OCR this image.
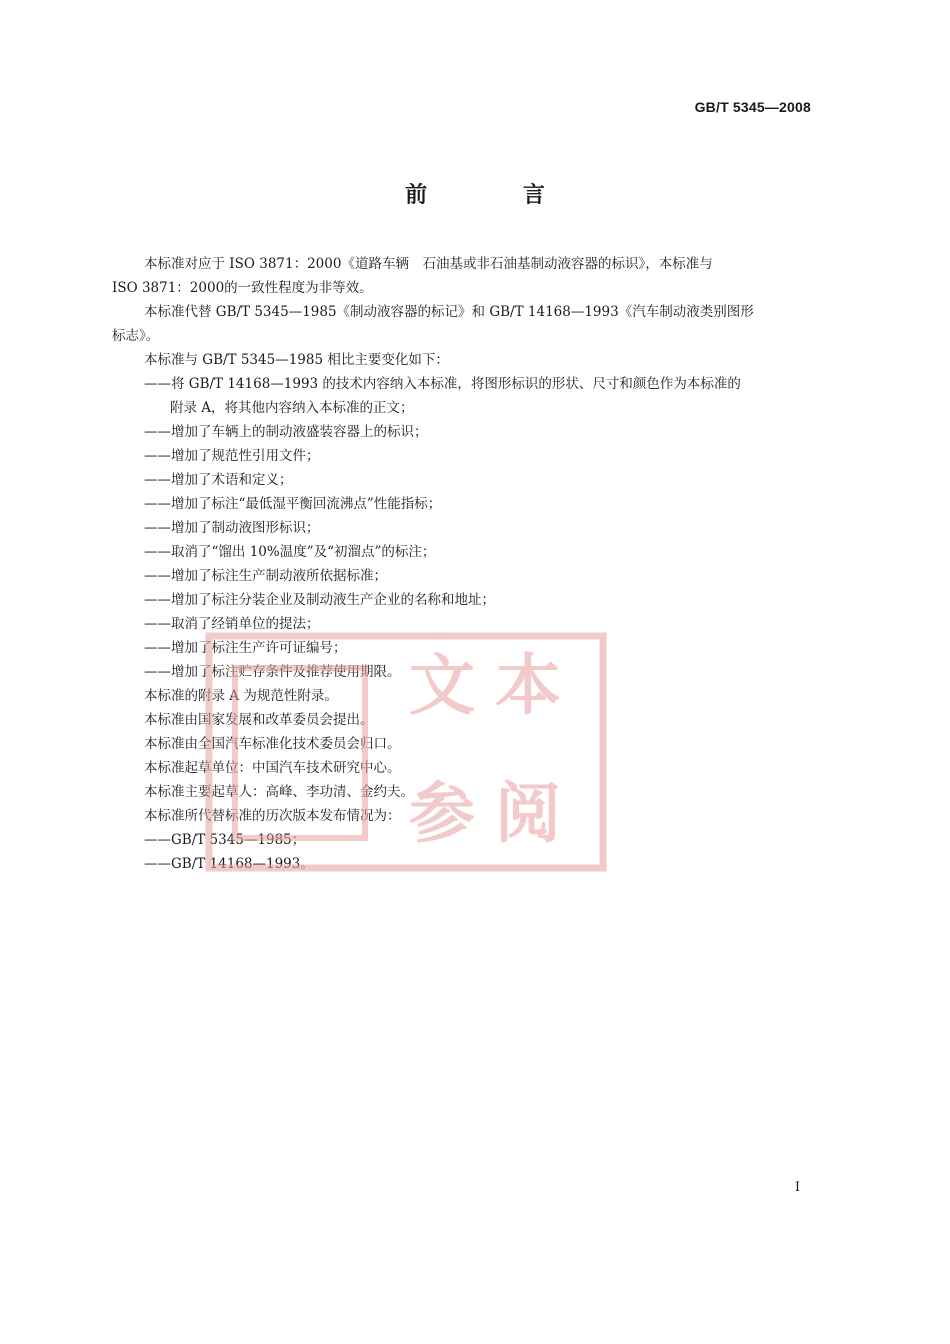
GB/T 5345—2008
前 言

本标准对应于 ISO 3871：2000《道路车辆　石油基或非石油基制动液容器的标识》，本标准与

ISO 3871：2000的一致性程度为非等效。

本标准代替 GB/T 5345—1985《制动液容器的标记》和 GB/T 14168—1993《汽车制动液类别图形

标志》。

本标准与 GB/T 5345—1985 相比主要变化如下：

——将 GB/T 14168—1993 的技术内容纳入本标准，将图形标识的形状、尺寸和颜色作为本标准的

附录 A，将其他内容纳入本标准的正文；

——增加了车辆上的制动液盛装容器上的标识；

——增加了规范性引用文件；

——增加了术语和定义；

——增加了标注“最低湿平衡回流沸点”性能指标；

——增加了制动液图形标识；

——取消了“馏出 10%温度”及“初溜点”的标注；

——增加了标注生产制动液所依据标准；

——增加了标注分装企业及制动液生产企业的名称和地址；

——取消了经销单位的提法；

——增加了标注生产许可证编号；

——增加了标注贮存条件及推荐使用期限。

本标准的附录 A 为规范性附录。

本标准由国家发展和改革委员会提出。

本标准由全国汽车标准化技术委员会归口。

本标准起草单位：中国汽车技术研究中心。

本标准主要起草人：高峰、李功清、金约夫。

本标准所代替标准的历次版本发布情况为：

——GB/T 5345—1985；

——GB/T 14168—1993。

文本
参阅
I
